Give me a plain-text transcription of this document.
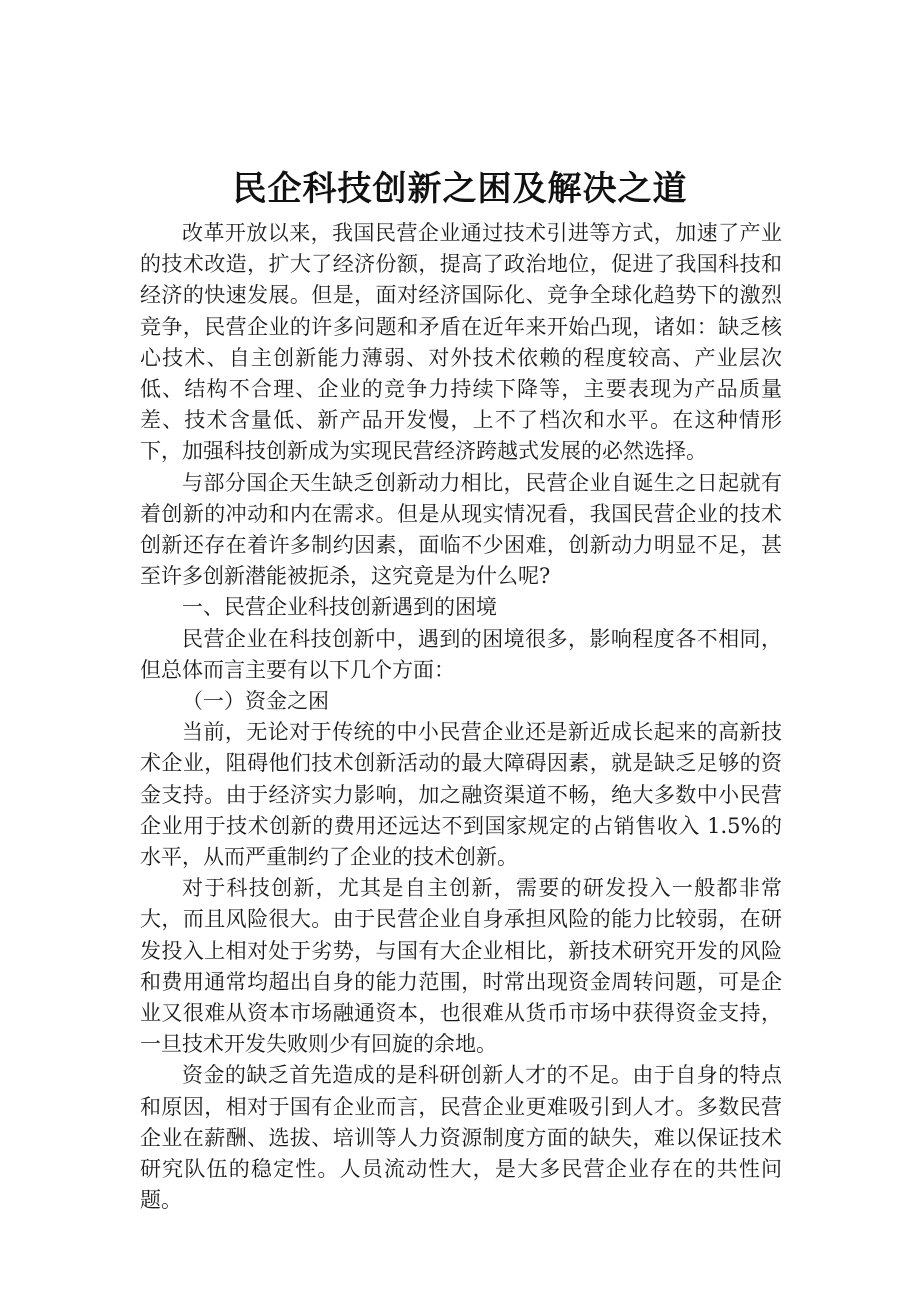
民企科技创新之困及解决之道

改革开放以来，我国民营企业通过技术引进等方式，加速了产业的技术改造，扩大了经济份额，提高了政治地位，促进了我国科技和经济的快速发展。但是，面对经济国际化、竞争全球化趋势下的激烈竞争，民营企业的许多问题和矛盾在近年来开始凸现，诸如：缺乏核心技术、自主创新能力薄弱、对外技术依赖的程度较高、产业层次低、结构不合理、企业的竞争力持续下降等，主要表现为产品质量差、技术含量低、新产品开发慢，上不了档次和水平。在这种情形下，加强科技创新成为实现民营经济跨越式发展的必然选择。

与部分国企天生缺乏创新动力相比，民营企业自诞生之日起就有着创新的冲动和内在需求。但是从现实情况看，我国民营企业的技术创新还存在着许多制约因素，面临不少困难，创新动力明显不足，甚至许多创新潜能被扼杀，这究竟是为什么呢?

一、民营企业科技创新遇到的困境

民营企业在科技创新中，遇到的困境很多，影响程度各不相同，但总体而言主要有以下几个方面：

（一）资金之困

当前，无论对于传统的中小民营企业还是新近成长起来的高新技术企业，阻碍他们技术创新活动的最大障碍因素，就是缺乏足够的资金支持。由于经济实力影响，加之融资渠道不畅，绝大多数中小民营企业用于技术创新的费用还远达不到国家规定的占销售收入 1.5%的水平，从而严重制约了企业的技术创新。

对于科技创新，尤其是自主创新，需要的研发投入一般都非常大，而且风险很大。由于民营企业自身承担风险的能力比较弱，在研发投入上相对处于劣势，与国有大企业相比，新技术研究开发的风险和费用通常均超出自身的能力范围，时常出现资金周转问题，可是企业又很难从资本市场融通资本，也很难从货币市场中获得资金支持，一旦技术开发失败则少有回旋的余地。

资金的缺乏首先造成的是科研创新人才的不足。由于自身的特点和原因，相对于国有企业而言，民营企业更难吸引到人才。多数民营企业在薪酬、选拔、培训等人力资源制度方面的缺失，难以保证技术研究队伍的稳定性。人员流动性大，是大多民营企业存在的共性问题。
